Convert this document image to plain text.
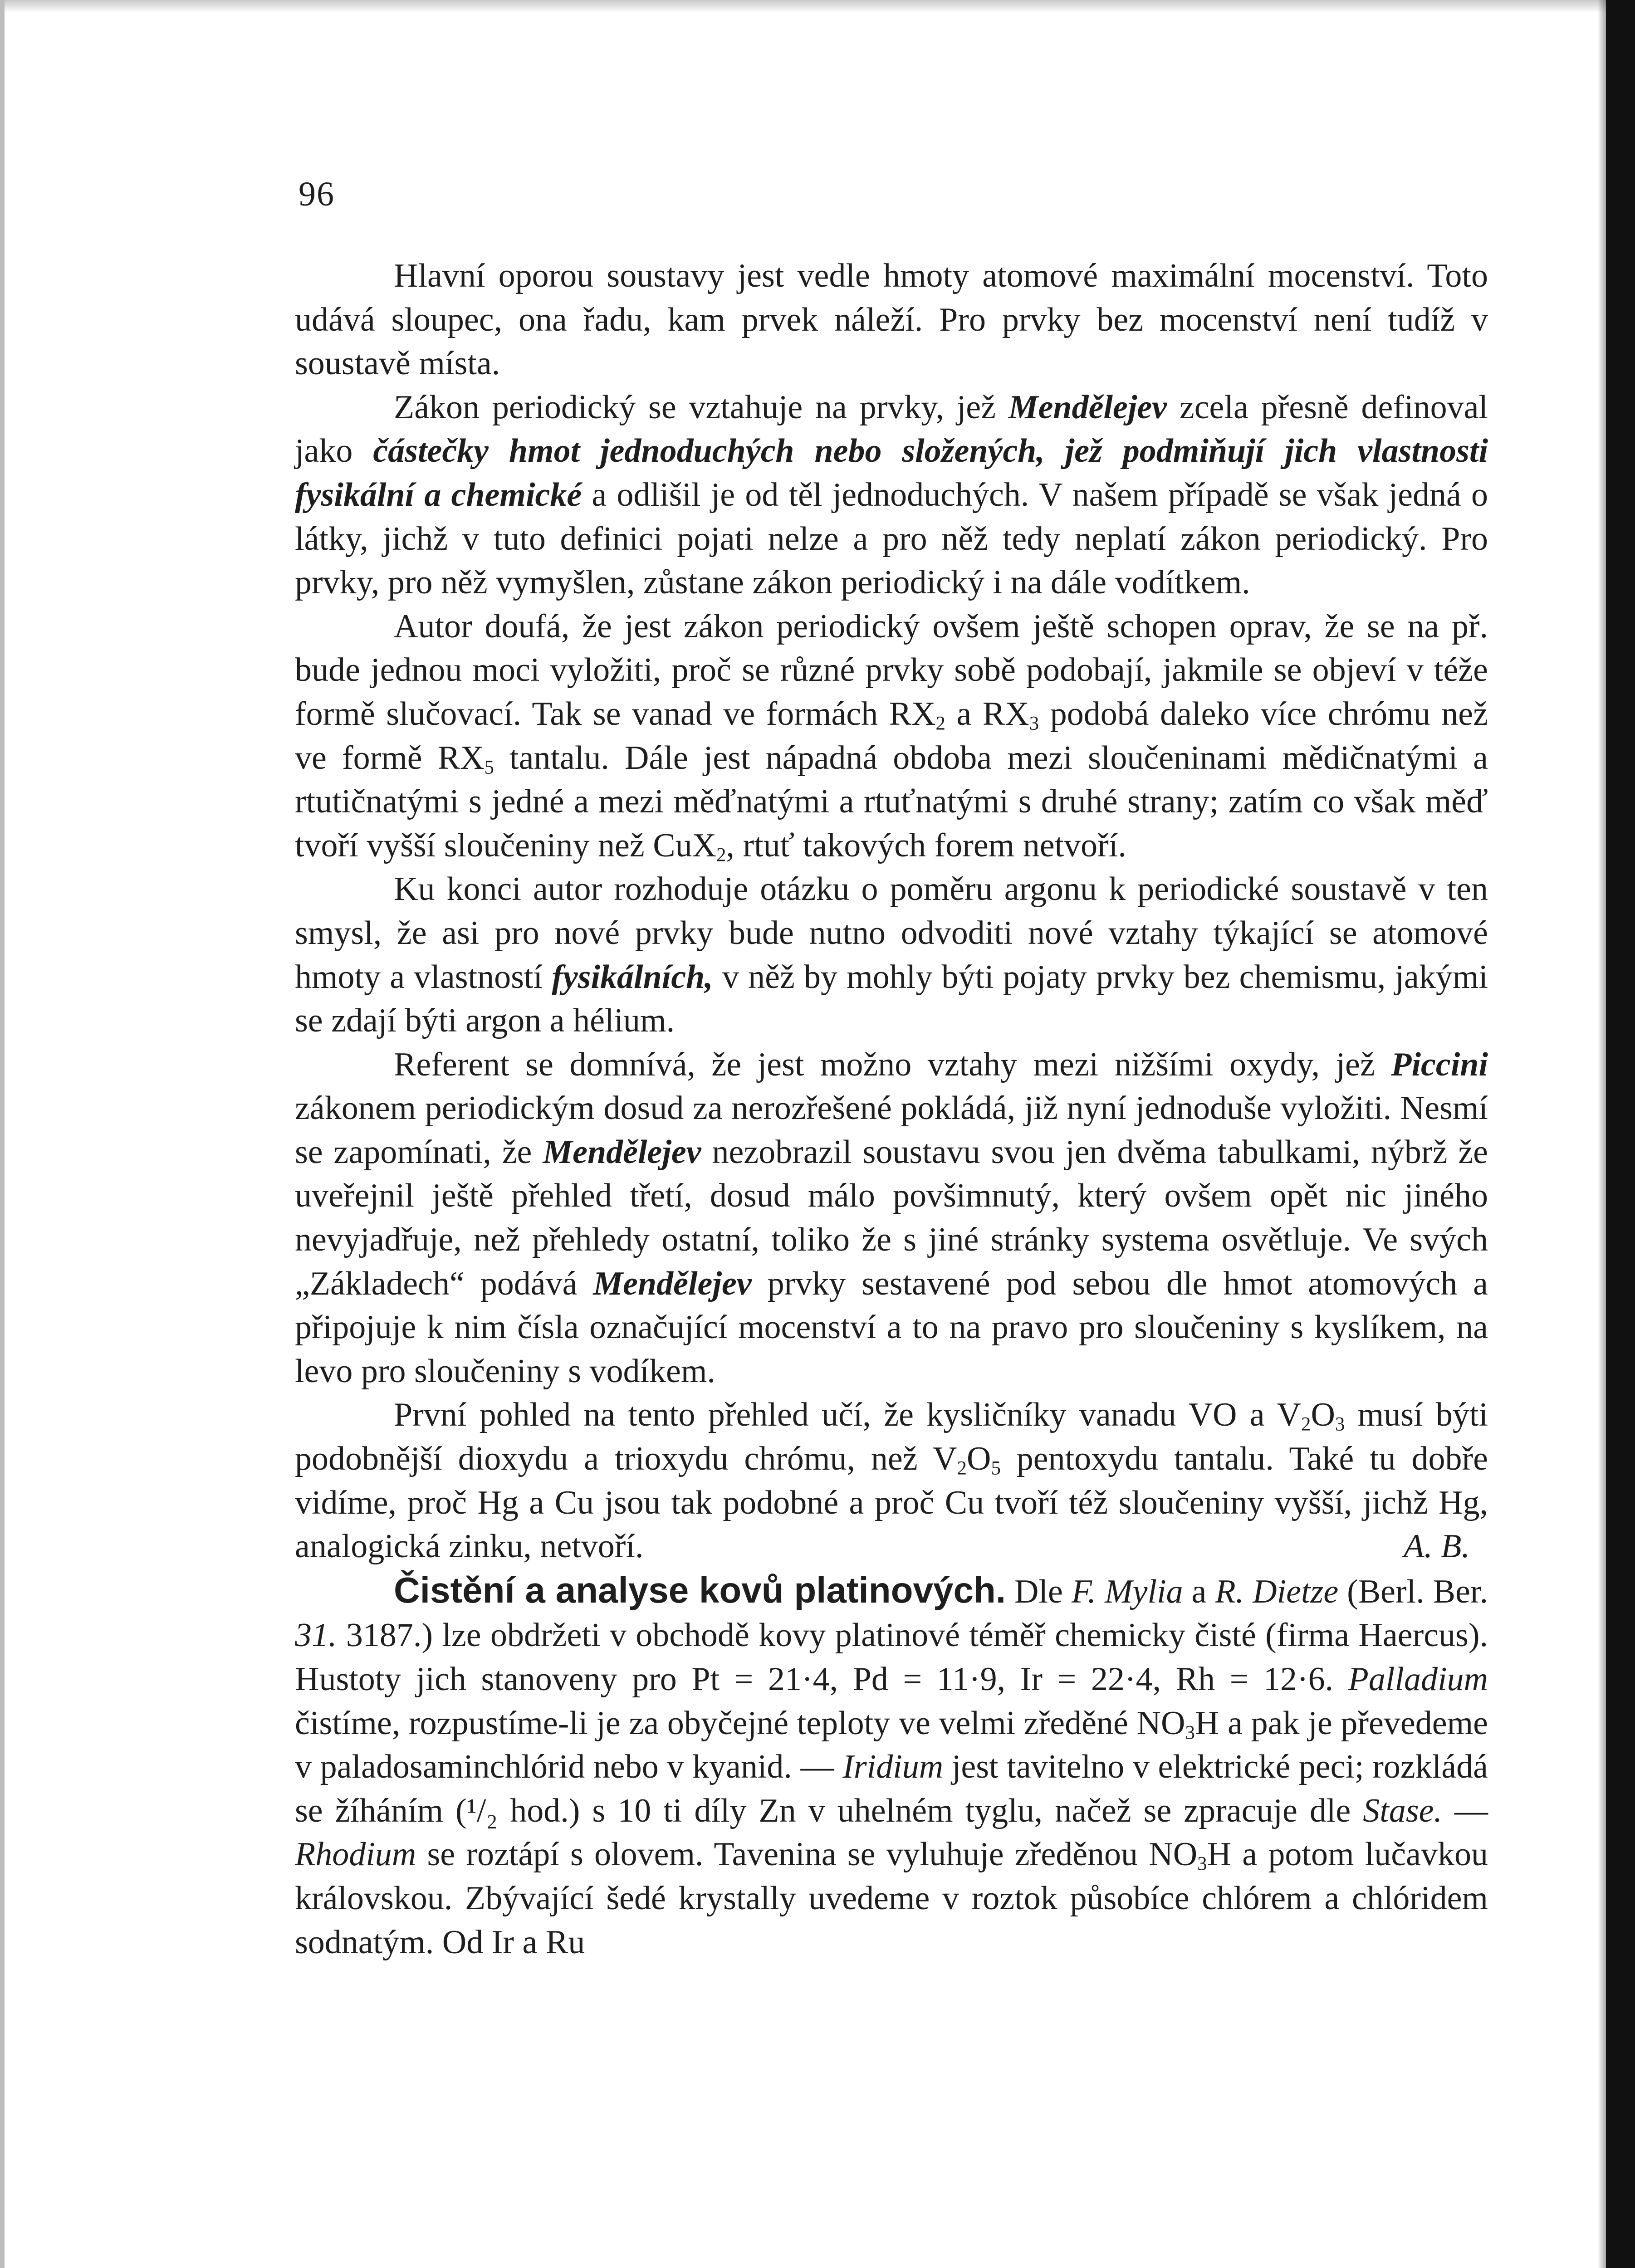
96

Hlavní oporou soustavy jest vedle hmoty atomové maximální mocenství. Toto udává sloupec, ona řadu, kam prvek náleží. Pro prvky bez mocenství není tudíž v soustavě místa.

Zákon periodický se vztahuje na prvky, jež Mendělejev zcela přesně definoval jako částečky hmot jednoduchých nebo složených, jež podmiňují jich vlastnosti fysikální a chemické a odlišil je od těl jednoduchých. V našem případě se však jedná o látky, jichž v tuto definici pojati nelze a pro něž tedy neplatí zákon periodický. Pro prvky, pro něž vymyšlen, zůstane zákon periodický i na dále vodítkem.

Autor doufá, že jest zákon periodický ovšem ještě schopen oprav, že se na př. bude jednou moci vyložiti, proč se různé prvky sobě podobají, jakmile se objeví v téže formě slučovací. Tak se vanad ve formách $RX_2$ a $RX_3$ podobá daleko více chrómu než ve formě $RX_5$ tantalu. Dále jest nápadná obdoba mezi sloučeninami mědičnatými a rtutičnatými s jedné a mezi měďnatými a rtuťnatými s druhé strany; zatím co však měď tvoří vyšší sloučeniny než CuX$_2$, rtuť takových forem netvoří.

Ku konci autor rozhoduje otázku o poměru argonu k periodické soustavě v ten smysl, že asi pro nové prvky bude nutno odvoditi nové vztahy týkající se atomové hmoty a vlastností fysikálních, v něž by mohly býti pojaty prvky bez chemismu, jakými se zdají býti argon a hélium.

Referent se domnívá, že jest možno vztahy mezi nižšími oxydy, jež Piccini zákonem periodickým dosud za nerozřešené pokládá, již nyní jednoduše vyložiti. Nesmí se zapomínati, že Mendělejev nezobrazil soustavu svou jen dvěma tabulkami, nýbrž že uveřejnil ještě přehled třetí, dosud málo povšimnutý, který ovšem opět nic jiného nevyjadřuje, než přehledy ostatní, toliko že s jiné stránky systema osvětluje. Ve svých „Základech“ podává Mendělejev prvky sestavené pod sebou dle hmot atomových a připojuje k nim čísla označující mocenství a to na pravo pro sloučeniny s kyslíkem, na levo pro sloučeniny s vodíkem.

První pohled na tento přehled učí, že kysličníky vanadu VO a $V_2O_3$ musí býti podobnější dioxydu a trioxydu chrómu, než $V_2O_5$ pentoxydu tantalu. Také tu dobře vidíme, proč Hg a Cu jsou tak podobné a proč Cu tvoří též sloučeniny vyšší, jichž Hg, analogická zinku, netvoří.	A. B.

Čistění a analyse kovů platinových. Dle F. Mylia a R. Dietze (Berl. Ber. 31. 3187.) lze obdržeti v obchodě kovy platinové téměř chemicky čisté (firma Haercus). Hustoty jich stanoveny pro Pt = 21·4, Pd = 11·9, Ir = 22·4, Rh = 12·6. Palladium čistíme, rozpustíme-li je za obyčejné teploty ve velmi zředěné $NO_3H$ a pak je převedeme v paladosaminchlórid nebo v kyanid. — Iridium jest tavitelno v elektrické peci; rozkládá se žíháním (¹/₂ hod.) s 10 ti díly Zn v uhelném tyglu, načež se zpracuje dle Stase. — Rhodium se roztápí s olovem. Tavenina se vyluhuje zředěnou $NO_3H$ a potom lučavkou královskou. Zbývající šedé krystally uvedeme v roztok působíce chlórem a chlóridem sodnatým. Od Ir a Ru
